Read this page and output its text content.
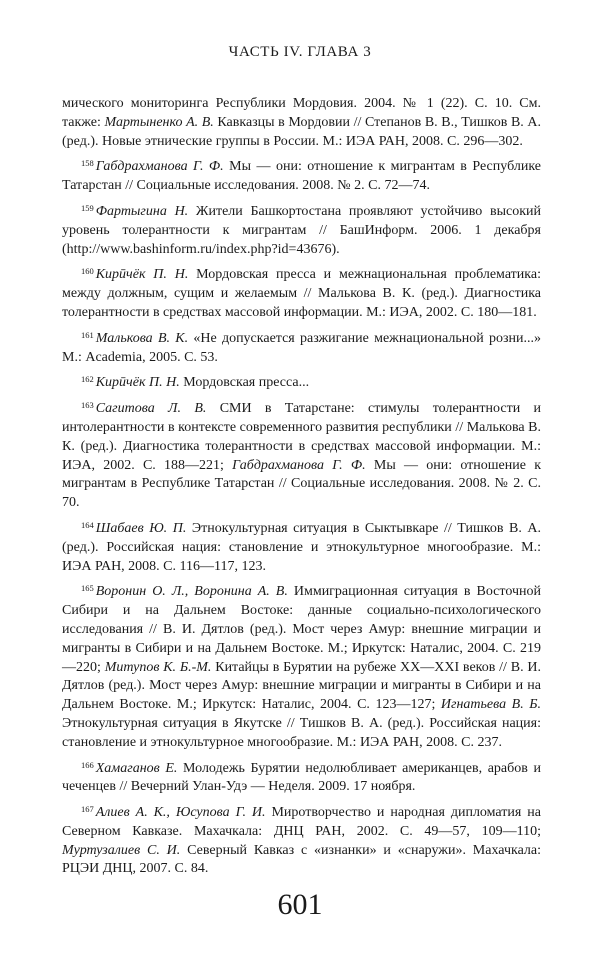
ЧАСТЬ IV. ГЛАВА 3

мического мониторинга Республики Мордовия. 2004. № 1 (22). С. 10. См. также: Мартыненко А. В. Кавказцы в Мордовии // Степанов В. В., Тишков В. А. (ред.). Новые этнические группы в России. М.: ИЭА РАН, 2008. С. 296—302.

$^{158}$ Габдрахманова Г. Ф. Мы — они: отношение к мигрантам в Республике Татарстан // Социальные исследования. 2008. № 2. С. 72—74.

$^{159}$ Фартыгина Н. Жители Башкортостана проявляют устойчиво высокий уровень толерантности к мигрантам // БашИнформ. 2006. 1 декабря (http://www.bashinform.ru/index.php?id=43676).

$^{160}$ Кирӣчёк П. Н. Мордовская пресса и межнациональная проблематика: между должным, сущим и желаемым // Малькова В. К. (ред.). Диагностика толерантности в средствах массовой информации. М.: ИЭА, 2002. С. 180—181.

$^{161}$ Малькова В. К. «Не допускается разжигание межнациональной розни...» М.: Academia, 2005. С. 53.

$^{162}$ Кирӣчёк П. Н. Мордовская пресса...

$^{163}$ Сагитова Л. В. СМИ в Татарстане: стимулы толерантности и интолерантности в контексте современного развития республики // Малькова В. К. (ред.). Диагностика толерантности в средствах массовой информации. М.: ИЭА, 2002. С. 188—221; Габдрахманова Г. Ф. Мы — они: отношение к мигрантам в Республике Татарстан // Социальные исследования. 2008. № 2. С. 70.

$^{164}$ Шабаев Ю. П. Этнокультурная ситуация в Сыктывкаре // Тишков В. А. (ред.). Российская нация: становление и этнокультурное многообразие. М.: ИЭА РАН, 2008. С. 116—117, 123.

$^{165}$ Воронин О. Л., Воронина А. В. Иммиграционная ситуация в Восточной Сибири и на Дальнем Востоке: данные социально-психологического исследования // В. И. Дятлов (ред.). Мост через Амур: внешние миграции и мигранты в Сибири и на Дальнем Востоке. М.; Иркутск: Наталис, 2004. С. 219—220; Митупов К. Б.-М. Китайцы в Бурятии на рубеже XX—XXI веков // В. И. Дятлов (ред.). Мост через Амур: внешние миграции и мигранты в Сибири и на Дальнем Востоке. М.; Иркутск: Наталис, 2004. С. 123—127; Игнатьева В. Б. Этнокультурная ситуация в Якутске // Тишков В. А. (ред.). Российская нация: становление и этнокультурное многообразие. М.: ИЭА РАН, 2008. С. 237.

$^{166}$ Хамаганов Е. Молодежь Бурятии недолюбливает американцев, арабов и чеченцев // Вечерний Улан-Удэ — Неделя. 2009. 17 ноября.

$^{167}$ Алиев А. К., Юсупова Г. И. Миротворчество и народная дипломатия на Северном Кавказе. Махачкала: ДНЦ РАН, 2002. С. 49—57, 109—110; Муртузалиев С. И. Северный Кавказ с «изнанки» и «снаружи». Махачкала: РЦЭИ ДНЦ, 2007. С. 84.

601
